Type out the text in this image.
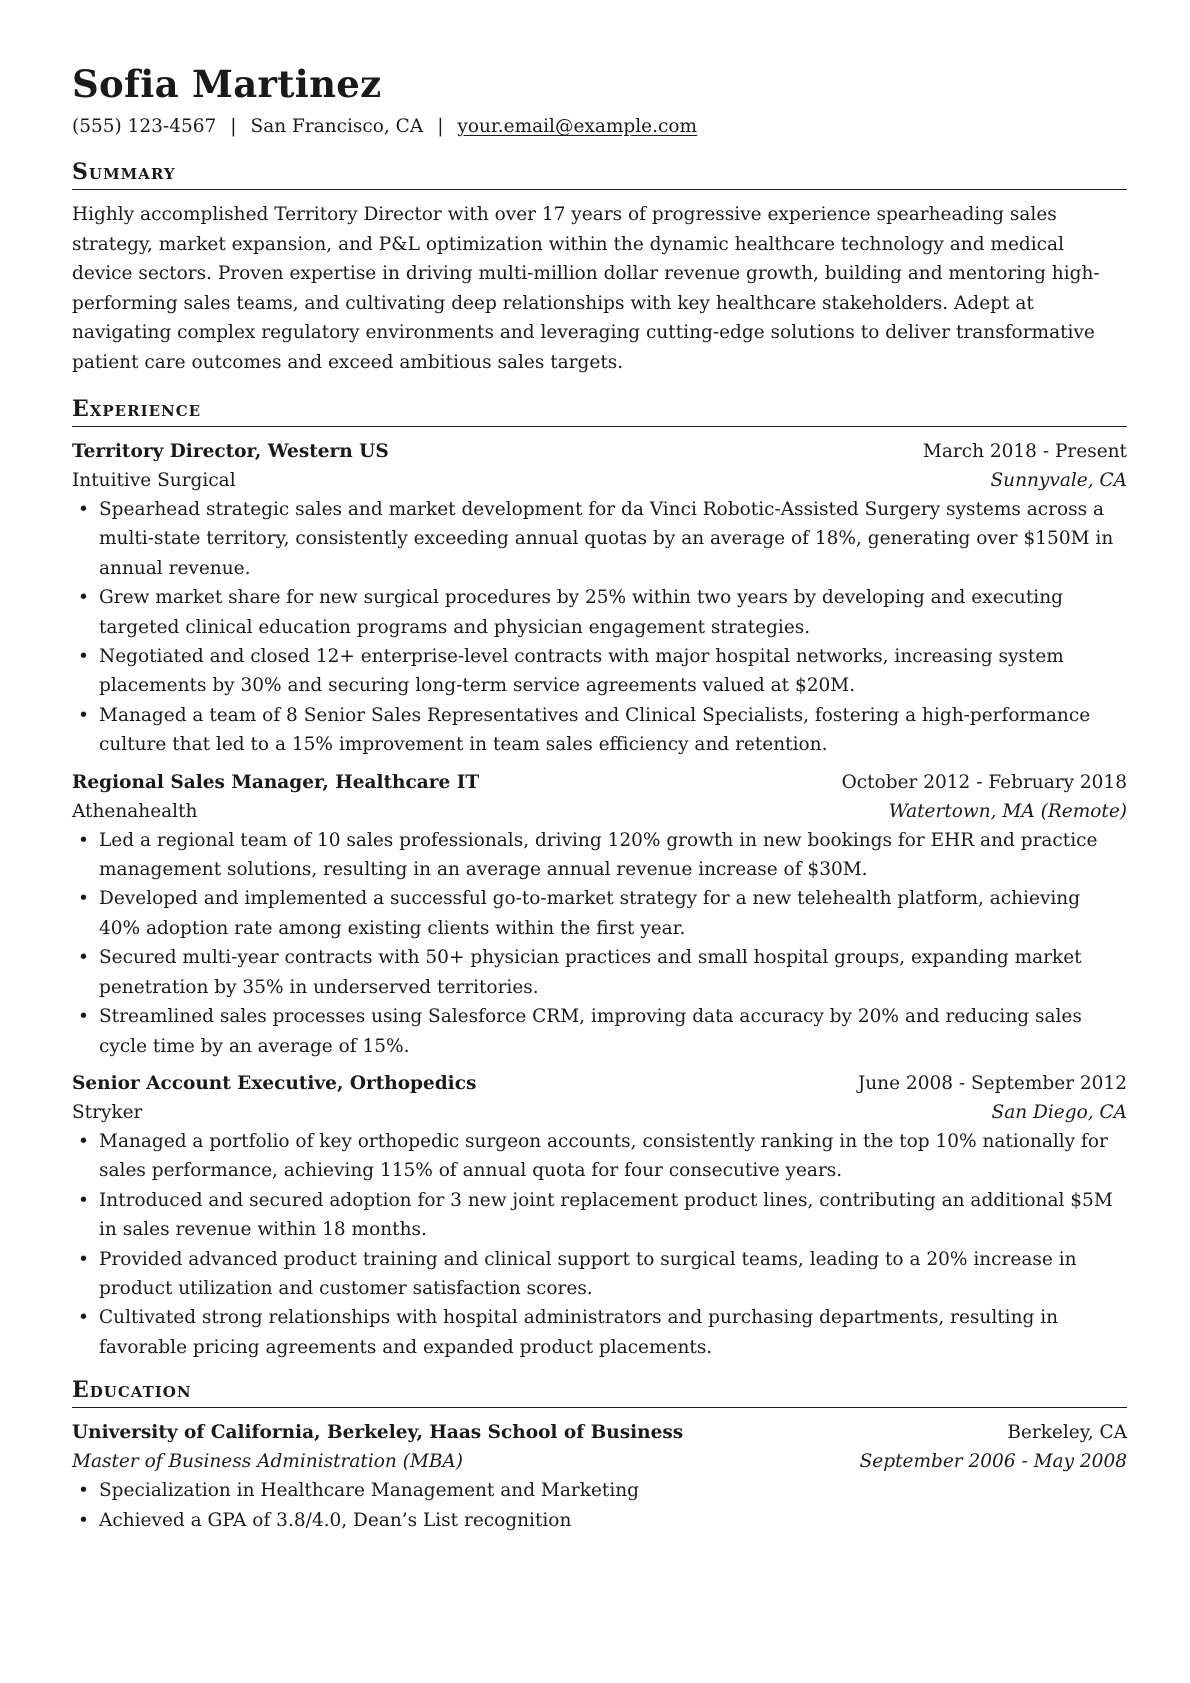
Sofia Martinez
(555) 123-4567 | San Francisco, CA | your.email@example.com
Summary

Highly accomplished Territory Director with over 17 years of progressive experience spearheading sales strategy, market expansion, and P&L optimization within the dynamic healthcare technology and medical device sectors. Proven expertise in driving multi-million dollar revenue growth, building and mentoring high-performing sales teams, and cultivating deep relationships with key healthcare stakeholders. Adept at navigating complex regulatory environments and leveraging cutting-edge solutions to deliver transformative patient care outcomes and exceed ambitious sales targets.

Experience
Territory Director, Western US	March 2018 - Present
Intuitive Surgical	Sunnyvale, CA
• Spearhead strategic sales and market development for da Vinci Robotic-Assisted Surgery systems across a multi-state territory, consistently exceeding annual quotas by an average of 18%, generating over $150M in annual revenue.
• Grew market share for new surgical procedures by 25% within two years by developing and executing targeted clinical education programs and physician engagement strategies.
• Negotiated and closed 12+ enterprise-level contracts with major hospital networks, increasing system placements by 30% and securing long-term service agreements valued at $20M.
• Managed a team of 8 Senior Sales Representatives and Clinical Specialists, fostering a high-performance culture that led to a 15% improvement in team sales efficiency and retention.
Regional Sales Manager, Healthcare IT	October 2012 - February 2018
Athenahealth	Watertown, MA (Remote)
• Led a regional team of 10 sales professionals, driving 120% growth in new bookings for EHR and practice management solutions, resulting in an average annual revenue increase of $30M.
• Developed and implemented a successful go-to-market strategy for a new telehealth platform, achieving 40% adoption rate among existing clients within the first year.
• Secured multi-year contracts with 50+ physician practices and small hospital groups, expanding market penetration by 35% in underserved territories.
• Streamlined sales processes using Salesforce CRM, improving data accuracy by 20% and reducing sales cycle time by an average of 15%.
Senior Account Executive, Orthopedics	June 2008 - September 2012
Stryker	San Diego, CA
• Managed a portfolio of key orthopedic surgeon accounts, consistently ranking in the top 10% nationally for sales performance, achieving 115% of annual quota for four consecutive years.
• Introduced and secured adoption for 3 new joint replacement product lines, contributing an additional $5M in sales revenue within 18 months.
• Provided advanced product training and clinical support to surgical teams, leading to a 20% increase in product utilization and customer satisfaction scores.
• Cultivated strong relationships with hospital administrators and purchasing departments, resulting in favorable pricing agreements and expanded product placements.
Education
University of California, Berkeley, Haas School of Business	Berkeley, CA
Master of Business Administration (MBA)	September 2006 - May 2008
• Specialization in Healthcare Management and Marketing
• Achieved a GPA of 3.8/4.0, Dean’s List recognition
